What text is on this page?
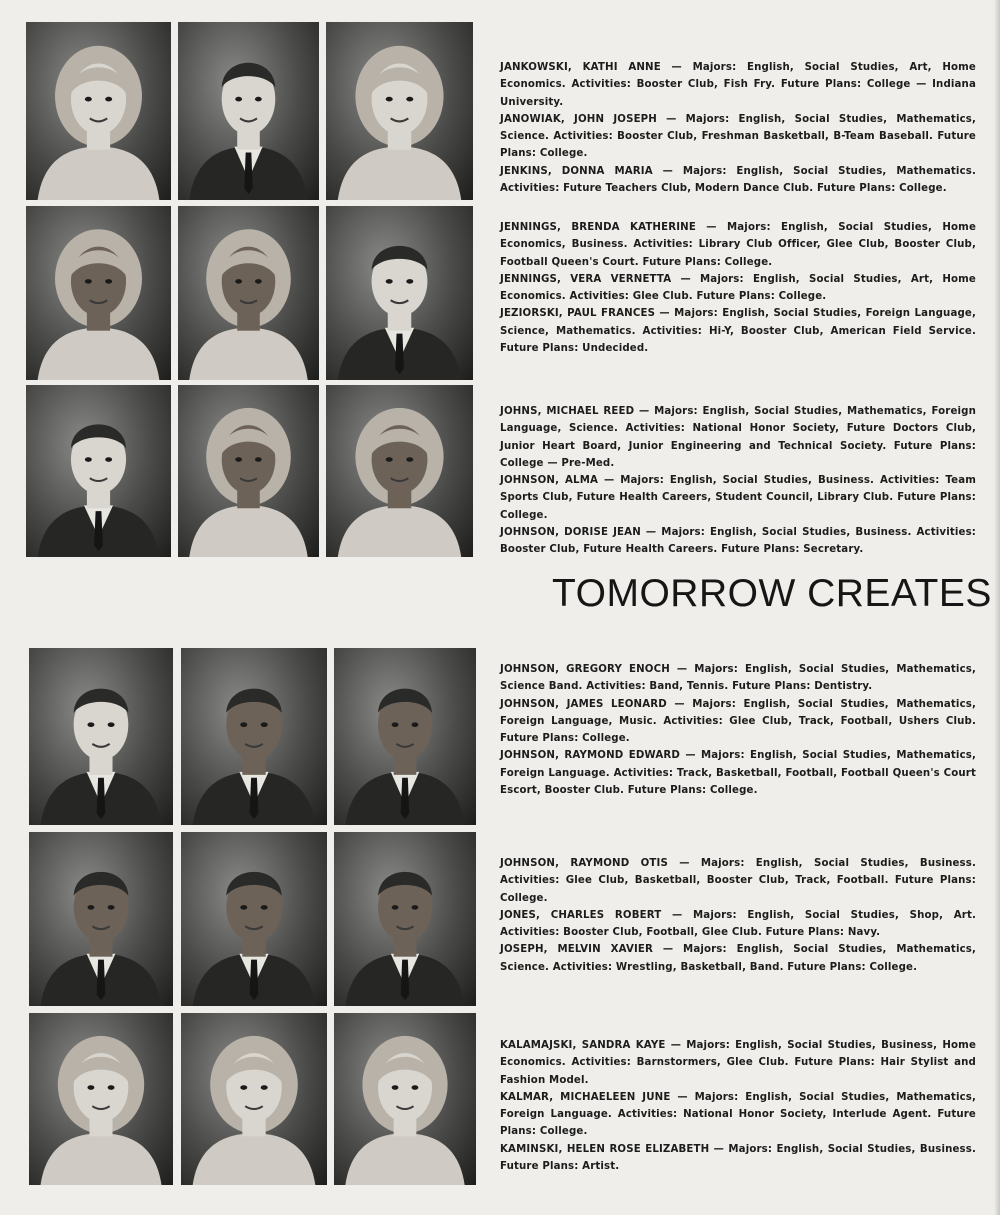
JANKOWSKI, KATHI ANNE — Majors: English, Social Studies, Art, Home Economics. Activities: Booster Club, Fish Fry. Future Plans: College — Indiana University.

JANOWIAK, JOHN JOSEPH — Majors: English, Social Studies, Mathematics, Science. Activities: Booster Club, Freshman Basketball, B-Team Baseball. Future Plans: College.

JENKINS, DONNA MARIA — Majors: English, Social Studies, Mathematics. Activities: Future Teachers Club, Modern Dance Club. Future Plans: College.

JENNINGS, BRENDA KATHERINE — Majors: English, Social Studies, Home Economics, Business. Activities: Library Club Officer, Glee Club, Booster Club, Football Queen's Court. Future Plans: College.

JENNINGS, VERA VERNETTA — Majors: English, Social Studies, Art, Home Economics. Activities: Glee Club. Future Plans: College.

JEZIORSKI, PAUL FRANCES — Majors: English, Social Studies, Foreign Language, Science, Mathematics. Activities: Hi-Y, Booster Club, American Field Service. Future Plans: Undecided.

JOHNS, MICHAEL REED — Majors: English, Social Studies, Mathematics, Foreign Language, Science. Activities: National Honor Society, Future Doctors Club, Junior Heart Board, Junior Engineering and Technical Society. Future Plans: College — Pre-Med.

JOHNSON, ALMA — Majors: English, Social Studies, Business. Activities: Team Sports Club, Future Health Careers, Student Council, Library Club. Future Plans: College.

JOHNSON, DORISE JEAN — Majors: English, Social Studies, Business. Activities: Booster Club, Future Health Careers. Future Plans: Secretary.

TOMORROW CREATES

JOHNSON, GREGORY ENOCH — Majors: English, Social Studies, Mathematics, Science Band. Activities: Band, Tennis. Future Plans: Dentistry.

JOHNSON, JAMES LEONARD — Majors: English, Social Studies, Mathematics, Foreign Language, Music. Activities: Glee Club, Track, Football, Ushers Club. Future Plans: College.

JOHNSON, RAYMOND EDWARD — Majors: English, Social Studies, Mathematics, Foreign Language. Activities: Track, Basketball, Football, Football Queen's Court Escort, Booster Club. Future Plans: College.

JOHNSON, RAYMOND OTIS — Majors: English, Social Studies, Business. Activities: Glee Club, Basketball, Booster Club, Track, Football. Future Plans: College.

JONES, CHARLES ROBERT — Majors: English, Social Studies, Shop, Art. Activities: Booster Club, Football, Glee Club. Future Plans: Navy.

JOSEPH, MELVIN XAVIER — Majors: English, Social Studies, Mathematics, Science. Activities: Wrestling, Basketball, Band. Future Plans: College.

KALAMAJSKI, SANDRA KAYE — Majors: English, Social Studies, Business, Home Economics. Activities: Barnstormers, Glee Club. Future Plans: Hair Stylist and Fashion Model.

KALMAR, MICHAELEEN JUNE — Majors: English, Social Studies, Mathematics, Foreign Language. Activities: National Honor Society, Interlude Agent. Future Plans: College.

KAMINSKI, HELEN ROSE ELIZABETH — Majors: English, Social Studies, Business. Future Plans: Artist.
